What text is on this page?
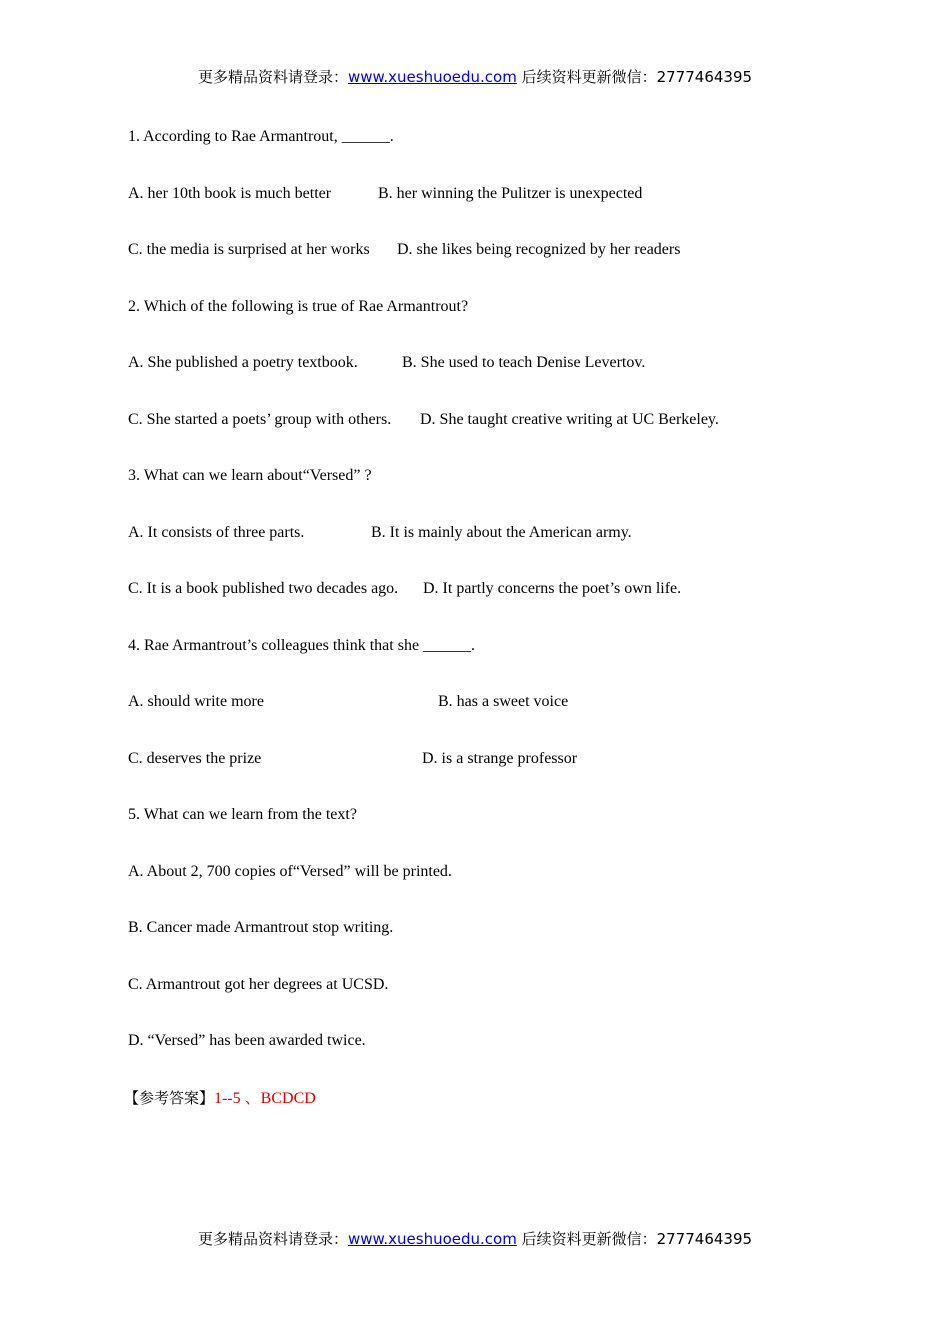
更多精品资料请登录：www.xueshuoedu.com 后续资料更新微信：2777464395
1. According to Rae Armantrout, ______.
A. her 10th book is much better	B. her winning the Pulitzer is unexpected
C. the media is surprised at her works D. she likes being recognized by her readers
2. Which of the following is true of Rae Armantrout?
A. She published a poetry textbook.	B. She used to teach Denise Levertov.
C. She started a poets’ group with others. D. She taught creative writing at UC Berkeley.
3. What can we learn about“Versed” ?
A. It consists of three parts.	B. It is mainly about the American army.
C. It is a book published two decades ago. D. It partly concerns the poet’s own life.
4. Rae Armantrout’s colleagues think that she ______.
A. should write more	B. has a sweet voice
C. deserves the prize	D. is a strange professor
5. What can we learn from the text?
A. About 2, 700 copies of“Versed” will be printed.
B. Cancer made Armantrout stop writing.
C. Armantrout got her degrees at UCSD.
D. “Versed” has been awarded twice.
【参考答案】1--5 、BCDCD
更多精品资料请登录：www.xueshuoedu.com 后续资料更新微信：2777464395
